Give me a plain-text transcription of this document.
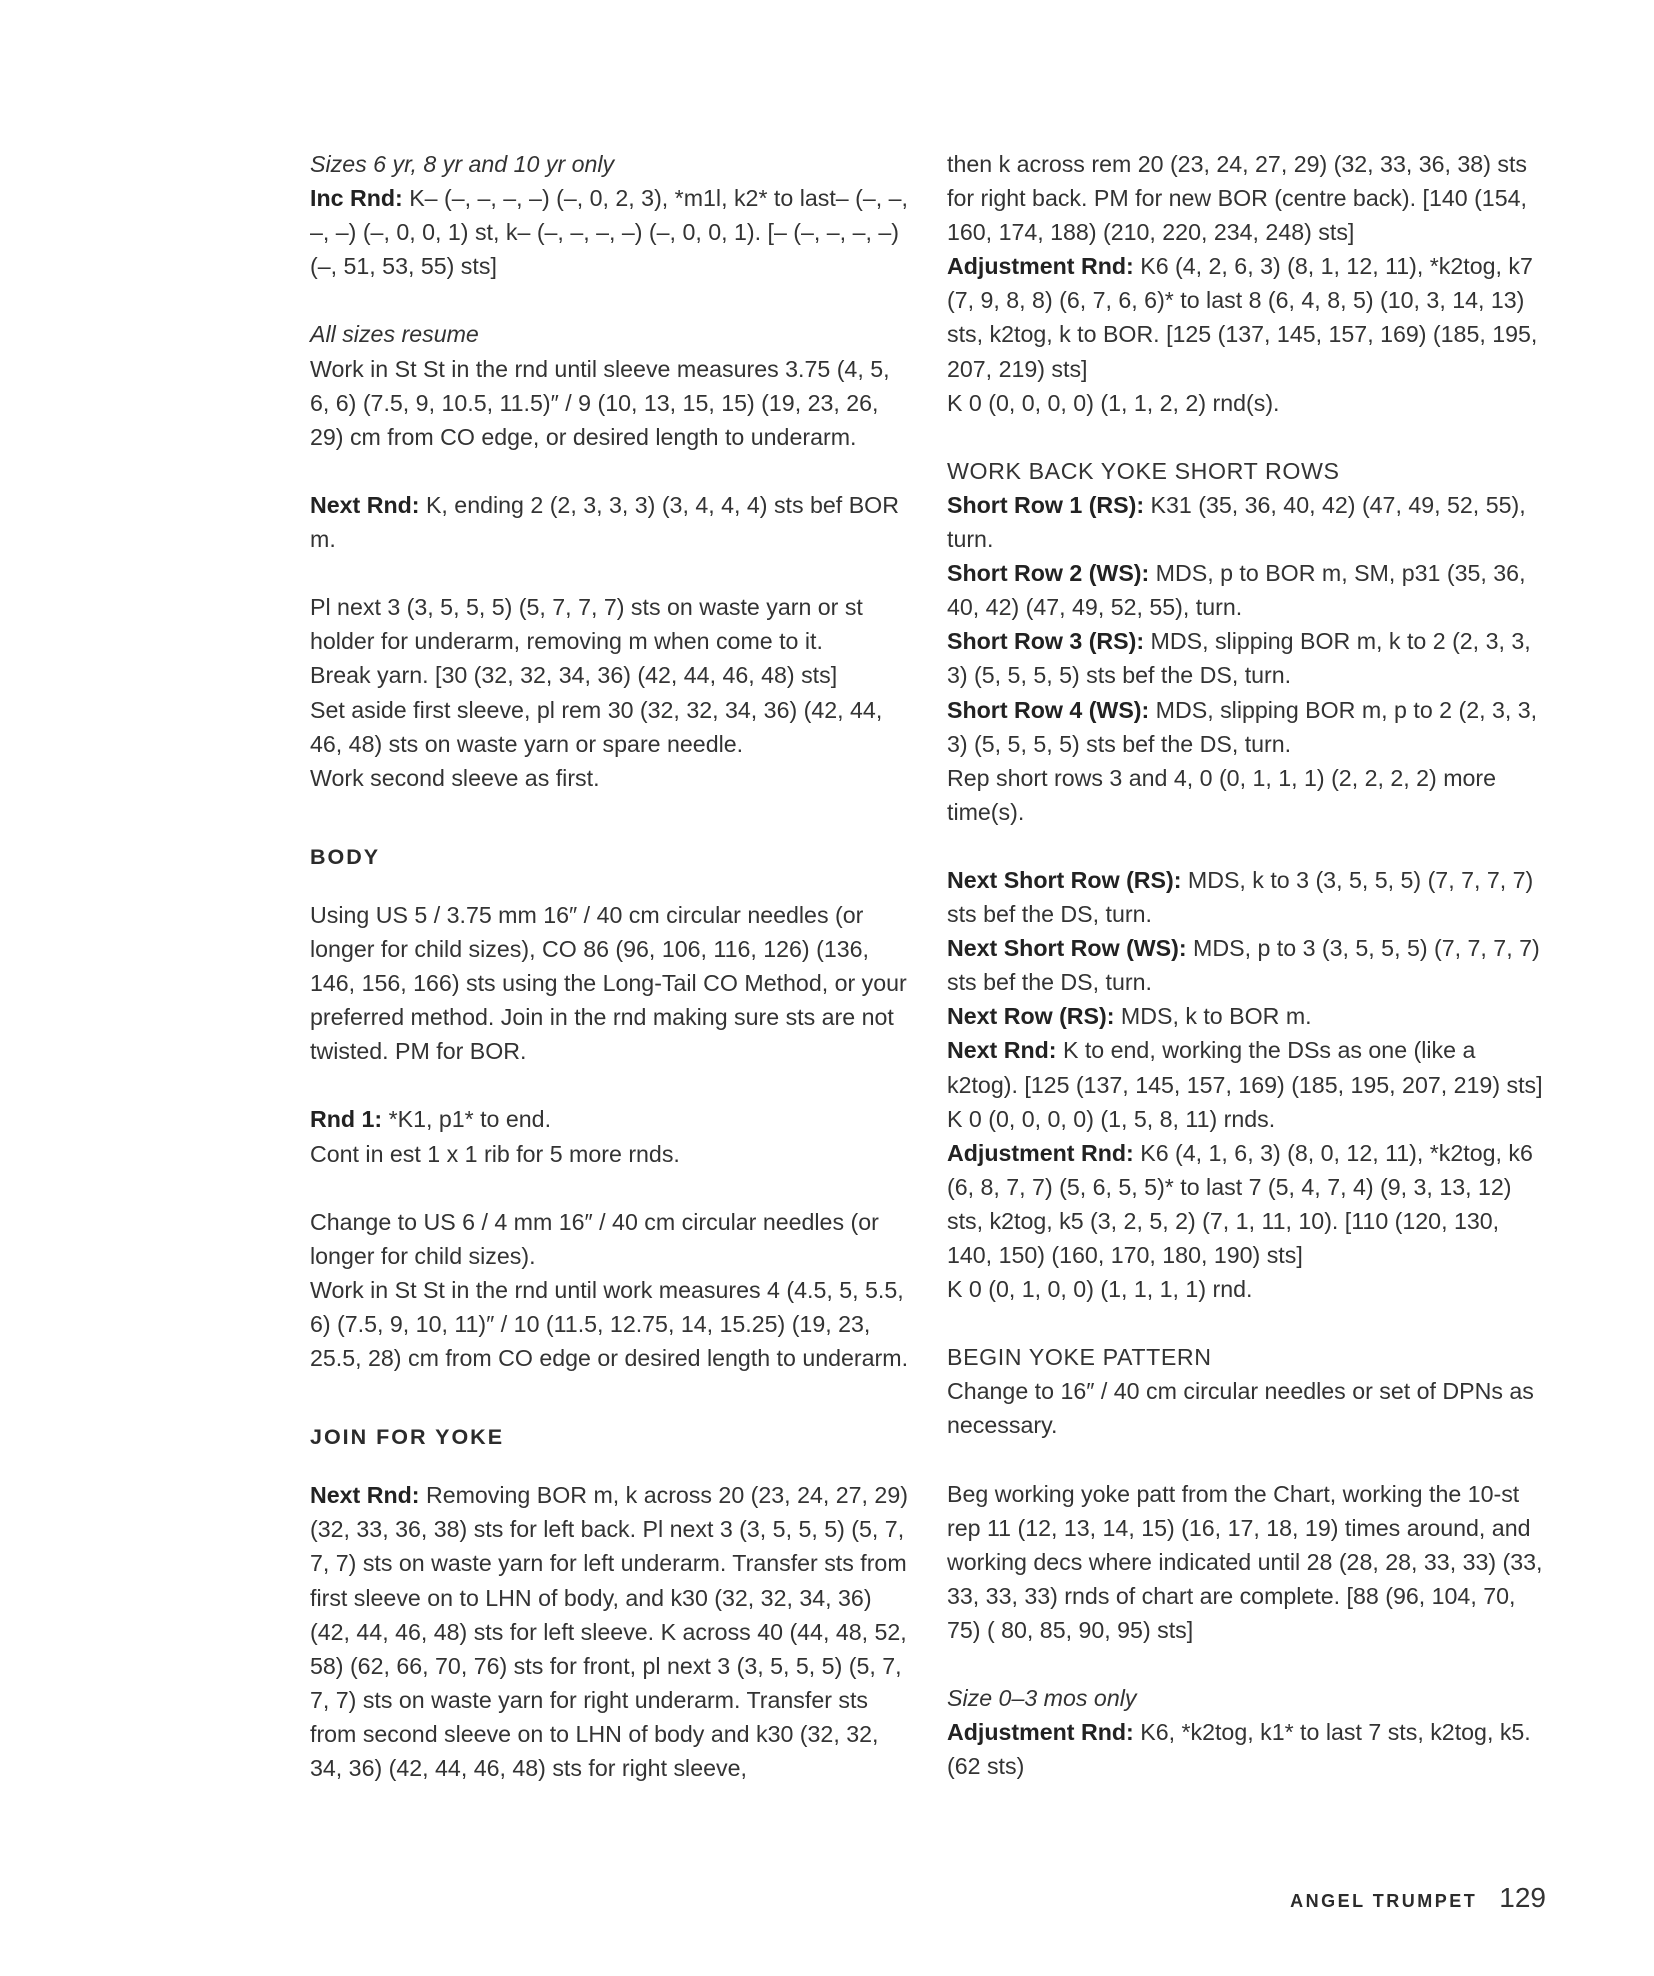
Sizes 6 yr, 8 yr and 10 yr only

Inc Rnd: K– (–, –, –, –) (–, 0, 2, 3), *m1l, k2* to last– (–, –, –, –) (–, 0, 0, 1) st, k– (–, –, –, –) (–, 0, 0, 1). [– (–, –, –, –) (–, 51, 53, 55) sts]

All sizes resume

Work in St St in the rnd until sleeve measures 3.75 (4, 5, 6, 6) (7.5, 9, 10.5, 11.5)″ / 9 (10, 13, 15, 15) (19, 23, 26, 29) cm from CO edge, or desired length to underarm.

Next Rnd: K, ending 2 (2, 3, 3, 3) (3, 4, 4, 4) sts bef BOR m.

Pl next 3 (3, 5, 5, 5) (5, 7, 7, 7) sts on waste yarn or st holder for underarm, removing m when come to it.

Break yarn. [30 (32, 32, 34, 36) (42, 44, 46, 48) sts]

Set aside first sleeve, pl rem 30 (32, 32, 34, 36) (42, 44, 46, 48) sts on waste yarn or spare needle.

Work second sleeve as first.

BODY

Using US 5 / 3.75 mm 16″ / 40 cm circular needles (or longer for child sizes), CO 86 (96, 106, 116, 126) (136, 146, 156, 166) sts using the Long-Tail CO Method, or your preferred method. Join in the rnd making sure sts are not twisted. PM for BOR.

Rnd 1: *K1, p1* to end.

Cont in est 1 x 1 rib for 5 more rnds.

Change to US 6 / 4 mm 16″ / 40 cm circular needles (or longer for child sizes).

Work in St St in the rnd until work measures 4 (4.5, 5, 5.5, 6) (7.5, 9, 10, 11)″ / 10 (11.5, 12.75, 14, 15.25) (19, 23, 25.5, 28) cm from CO edge or desired length to underarm.

JOIN FOR YOKE

Next Rnd: Removing BOR m, k across 20 (23, 24, 27, 29) (32, 33, 36, 38) sts for left back. Pl next 3 (3, 5, 5, 5) (5, 7, 7, 7) sts on waste yarn for left underarm. Transfer sts from first sleeve on to LHN of body, and k30 (32, 32, 34, 36) (42, 44, 46, 48) sts for left sleeve. K across 40 (44, 48, 52, 58) (62, 66, 70, 76) sts for front, pl next 3 (3, 5, 5, 5) (5, 7, 7, 7) sts on waste yarn for right underarm. Transfer sts from second sleeve on to LHN of body and k30 (32, 32, 34, 36) (42, 44, 46, 48) sts for right sleeve,

then k across rem 20 (23, 24, 27, 29) (32, 33, 36, 38) sts for right back. PM for new BOR (centre back). [140 (154, 160, 174, 188) (210, 220, 234, 248) sts]

Adjustment Rnd: K6 (4, 2, 6, 3) (8, 1, 12, 11), *k2tog, k7 (7, 9, 8, 8) (6, 7, 6, 6)* to last 8 (6, 4, 8, 5) (10, 3, 14, 13) sts, k2tog, k to BOR. [125 (137, 145, 157, 169) (185, 195, 207, 219) sts]

K 0 (0, 0, 0, 0) (1, 1, 2, 2) rnd(s).

WORK BACK YOKE SHORT ROWS

Short Row 1 (RS): K31 (35, 36, 40, 42) (47, 49, 52, 55), turn.

Short Row 2 (WS): MDS, p to BOR m, SM, p31 (35, 36, 40, 42) (47, 49, 52, 55), turn.

Short Row 3 (RS): MDS, slipping BOR m, k to 2 (2, 3, 3, 3) (5, 5, 5, 5) sts bef the DS, turn.

Short Row 4 (WS): MDS, slipping BOR m, p to 2 (2, 3, 3, 3) (5, 5, 5, 5) sts bef the DS, turn.

Rep short rows 3 and 4, 0 (0, 1, 1, 1) (2, 2, 2, 2) more time(s).

Next Short Row (RS): MDS, k to 3 (3, 5, 5, 5) (7, 7, 7, 7) sts bef the DS, turn.

Next Short Row (WS): MDS, p to 3 (3, 5, 5, 5) (7, 7, 7, 7) sts bef the DS, turn.

Next Row (RS): MDS, k to BOR m.

Next Rnd: K to end, working the DSs as one (like a k2tog). [125 (137, 145, 157, 169) (185, 195, 207, 219) sts]

K 0 (0, 0, 0, 0) (1, 5, 8, 11) rnds.

Adjustment Rnd: K6 (4, 1, 6, 3) (8, 0, 12, 11), *k2tog, k6 (6, 8, 7, 7) (5, 6, 5, 5)* to last 7 (5, 4, 7, 4) (9, 3, 13, 12) sts, k2tog, k5 (3, 2, 5, 2) (7, 1, 11, 10). [110 (120, 130, 140, 150) (160, 170, 180, 190) sts]

K 0 (0, 1, 0, 0) (1, 1, 1, 1) rnd.

BEGIN YOKE PATTERN

Change to 16″ / 40 cm circular needles or set of DPNs as necessary.

Beg working yoke patt from the Chart, working the 10-st rep 11 (12, 13, 14, 15) (16, 17, 18, 19) times around, and working decs where indicated until 28 (28, 28, 33, 33) (33, 33, 33, 33) rnds of chart are complete. [88 (96, 104, 70, 75) ( 80, 85, 90, 95) sts]

Size 0–3 mos only

Adjustment Rnd: K6, *k2tog, k1* to last 7 sts, k2tog, k5. (62 sts)

ANGEL TRUMPET 129
